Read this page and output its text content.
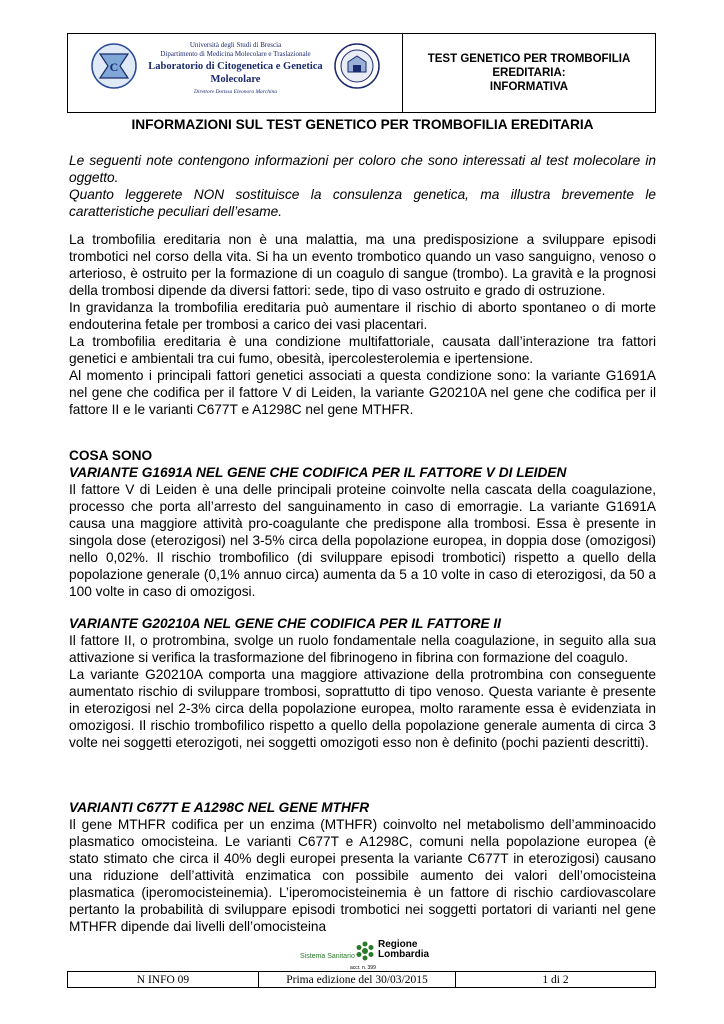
C
Università degli Studi di Brescia
Dipartimento di Medicina Molecolare e Traslazionale
Laboratorio di Citogenetica e Genetica Molecolare
Direttore Dottssa Eleonora Marchina
TEST GENETICO PER TROMBOFILIA
EREDITARIA:
INFORMATIVA
INFORMAZIONI SUL TEST GENETICO PER TROMBOFILIA EREDITARIA

Le seguenti note contengono informazioni per coloro che sono interessati al test molecolare in oggetto.

Quanto leggerete NON sostituisce la consulenza genetica, ma illustra brevemente le caratteristiche peculiari dell’esame.

La trombofilia ereditaria non è una malattia, ma una predisposizione a sviluppare episodi trombotici nel corso della vita. Si ha un evento trombotico quando un vaso sanguigno, venoso o arterioso, è ostruito per la formazione di un coagulo di sangue (trombo). La gravità e la prognosi della trombosi dipende da diversi fattori: sede, tipo di vaso ostruito e grado di ostruzione.

In gravidanza la trombofilia ereditaria può aumentare il rischio di aborto spontaneo o di morte endouterina fetale per trombosi a carico dei vasi placentari.

La trombofilia ereditaria è una condizione multifattoriale, causata dall’interazione tra fattori genetici e ambientali tra cui fumo, obesità, ipercolesterolemia e ipertensione.

Al momento i principali fattori genetici associati a questa condizione sono: la variante G1691A nel gene che codifica per il fattore V di Leiden, la variante G20210A nel gene che codifica per il fattore II e le varianti C677T e A1298C nel gene MTHFR.

COSA SONO

VARIANTE G1691A NEL GENE CHE CODIFICA PER IL FATTORE V DI LEIDEN

Il fattore V di Leiden è una delle principali proteine coinvolte nella cascata della coagulazione, processo che porta all’arresto del sanguinamento in caso di emorragie. La variante G1691A causa una maggiore attività pro-coagulante che predispone alla trombosi. Essa è presente in singola dose (eterozigosi) nel 3-5% circa della popolazione europea, in doppia dose (omozigosi) nello 0,02%. Il rischio trombofilico (di sviluppare episodi trombotici) rispetto a quello della popolazione generale (0,1% annuo circa) aumenta da 5 a 10 volte in caso di eterozigosi, da 50 a 100 volte in caso di omozigosi.

VARIANTE G20210A NEL GENE CHE CODIFICA PER IL FATTORE II

Il fattore II, o protrombina, svolge un ruolo fondamentale nella coagulazione, in seguito alla sua attivazione si verifica la trasformazione del fibrinogeno in fibrina con formazione del coagulo.

La variante G20210A comporta una maggiore attivazione della protrombina con conseguente aumentato rischio di sviluppare trombosi, soprattutto di tipo venoso. Questa variante è presente in eterozigosi nel 2-3% circa della popolazione europea, molto raramente essa è evidenziata in omozigosi. Il rischio trombofilico rispetto a quello della popolazione generale aumenta di circa 3 volte nei soggetti eterozigoti, nei soggetti omozigoti esso non è definito (pochi pazienti descritti).

VARIANTI C677T E A1298C NEL GENE MTHFR

Il gene MTHFR codifica per un enzima (MTHFR) coinvolto nel metabolismo dell’amminoacido plasmatico omocisteina. Le varianti C677T e A1298C, comuni nella popolazione europea (è stato stimato che circa il 40% degli europei presenta la variante C677T in eterozigosi) causano una riduzione dell’attività enzimatica con possibile aumento dei valori dell’omocisteina plasmatica (iperomocisteinemia). L’iperomocisteinemia è un fattore di rischio cardiovascolare pertanto la probabilità di sviluppare episodi trombotici nei soggetti portatori di varianti nel gene MTHFR dipende dai livelli dell’omocisteina

Sistema Sanitario
Regione
Lombardia
accr. n. 399
N INFO 09	Prima edizione del 30/03/2015	1 di 2
